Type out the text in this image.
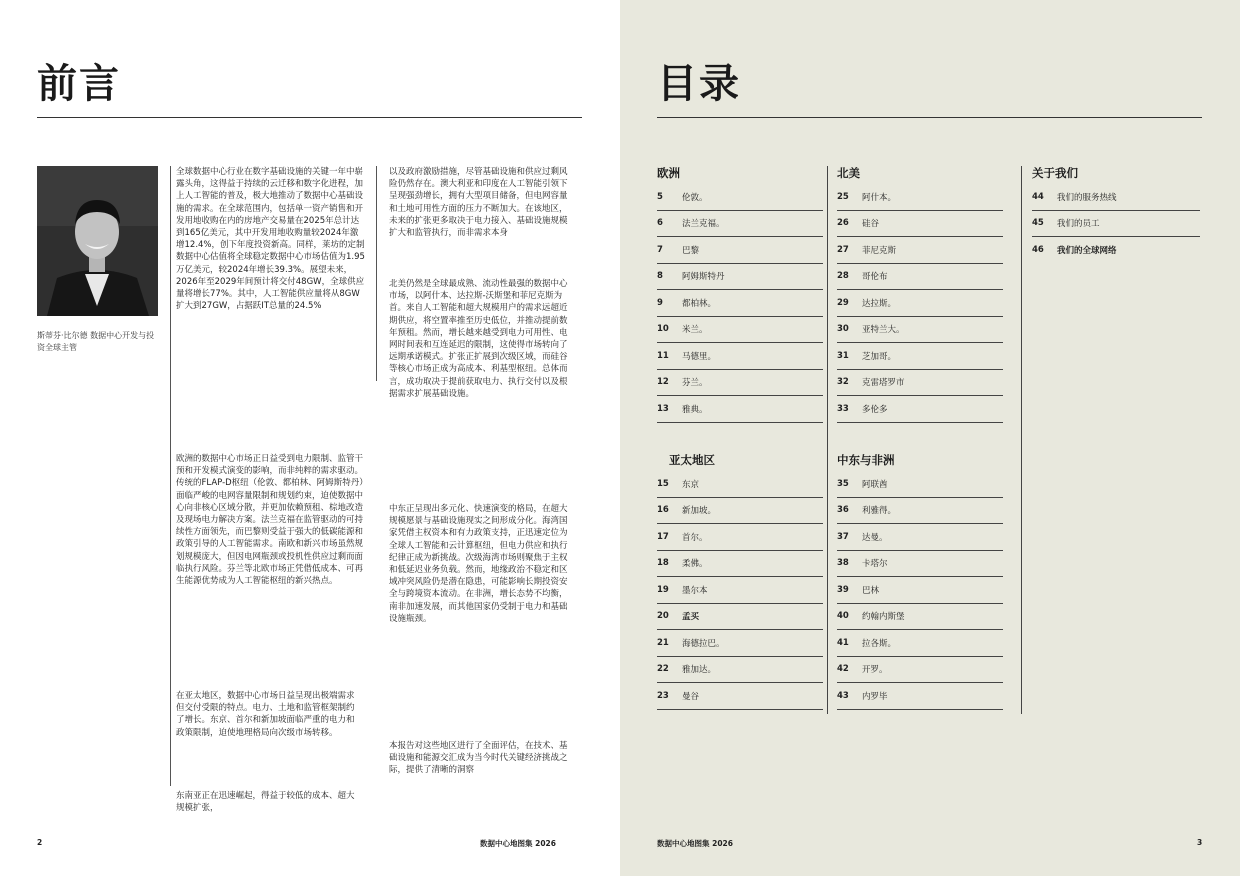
前言
斯蒂芬·比尔德 数据中心开发与投资全球主管

全球数据中心行业在数字基础设施的关键一年中崭露头角，这得益于持续的云迁移和数字化进程，加上人工智能的普及，极大地推动了数据中心基础设施的需求。在全球范围内，包括单一资产销售和开发用地收购在内的房地产交易量在2025年总计达到165亿美元，其中开发用地收购量较2024年激增12.4%，创下年度投资新高。同样，莱坊的定制数据中心估值将全球稳定数据中心市场估值为1.95万亿美元，较2024年增长39.3%。展望未来，2026年至2029年间预计将交付48GW，全球供应量将增长77%。其中，人工智能供应量将从8GW扩大到27GW，占据跃IT总量的24.5%

欧洲的数据中心市场正日益受到电力限制、监管干预和开发模式演变的影响，而非纯粹的需求驱动。传统的FLAP-D枢纽（伦敦、都柏林、阿姆斯特丹）面临严峻的电网容量限制和规划约束，迫使数据中心向非核心区域分散，并更加依赖预租、棕地改造及现场电力解决方案。法兰克福在监管驱动的可持续性方面领先，而巴黎则受益于强大的低碳能源和政策引导的人工智能需求。南欧和新兴市场虽然规划规模庞大，但因电网瓶颈或投机性供应过剩而面临执行风险。芬兰等北欧市场正凭借低成本、可再生能源优势成为人工智能枢纽的新兴热点。

在亚太地区，数据中心市场日益呈现出极端需求但交付受限的特点。电力、土地和监管框架制约了增长。东京、首尔和新加坡面临严重的电力和政策限制，迫使地理格局向次级市场转移。

东南亚正在迅速崛起，得益于较低的成本、超大规模扩张，

以及政府激励措施，尽管基础设施和供应过剩风险仍然存在。澳大利亚和印度在人工智能引领下呈现强劲增长，拥有大型项目储备，但电网容量和土地可用性方面的压力不断加大。在该地区，未来的扩张更多取决于电力接入、基础设施规模扩大和监管执行，而非需求本身

北美仍然是全球最成熟、流动性最强的数据中心市场，以阿什本、达拉斯-沃斯堡和菲尼克斯为首。来自人工智能和超大规模用户的需求远超近期供应，将空置率推至历史低位，并推动提前数年预租。然而，增长越来越受到电力可用性、电网时间表和互连延迟的限制，这使得市场转向了远期承诺模式。扩张正扩展到次级区域，而硅谷等核心市场正成为高成本、利基型枢纽。总体而言，成功取决于提前获取电力、执行交付以及根据需求扩展基础设施。

中东正呈现出多元化、快速演变的格局，在超大规模愿景与基础设施现实之间形成分化。海湾国家凭借主权资本和有力政策支持，正迅速定位为全球人工智能和云计算枢纽，但电力供应和执行纪律正成为新挑战。次级海湾市场则聚焦于主权和低延迟业务负载。然而，地缘政治不稳定和区域冲突风险仍是潜在隐患，可能影响长期投资安全与跨境资本流动。在非洲，增长态势不均衡，南非加速发展，而其他国家仍受制于电力和基础设施瓶颈。

本报告对这些地区进行了全面评估，在技术、基础设施和能源交汇成为当今时代关键经济挑战之际，提供了清晰的洞察

2	数据中心地图集 2026
目录
欧洲
5	伦敦。
6	法兰克福。
7	巴黎
8	阿姆斯特丹
9	都柏林。
10	米兰。
11	马德里。
12	芬兰。
13	雅典。
北美
25	阿什本。
26	硅谷
27	菲尼克斯
28	哥伦布
29	达拉斯。
30	亚特兰大。
31	芝加哥。
32	克雷塔罗市
33	多伦多
关于我们
44	我们的服务热线
45	我们的员工
46	我们的全球网络
亚太地区
15	东京
16	新加坡。
17	首尔。
18	柔佛。
19	墨尔本
20	孟买
21	海德拉巴。
22	雅加达。
23	曼谷
中东与非洲
35	阿联酋
36	利雅得。
37	达曼。
38	卡塔尔
39	巴林
40	约翰内斯堡
41	拉各斯。
42	开罗。
43	内罗毕
数据中心地图集 2026	3
